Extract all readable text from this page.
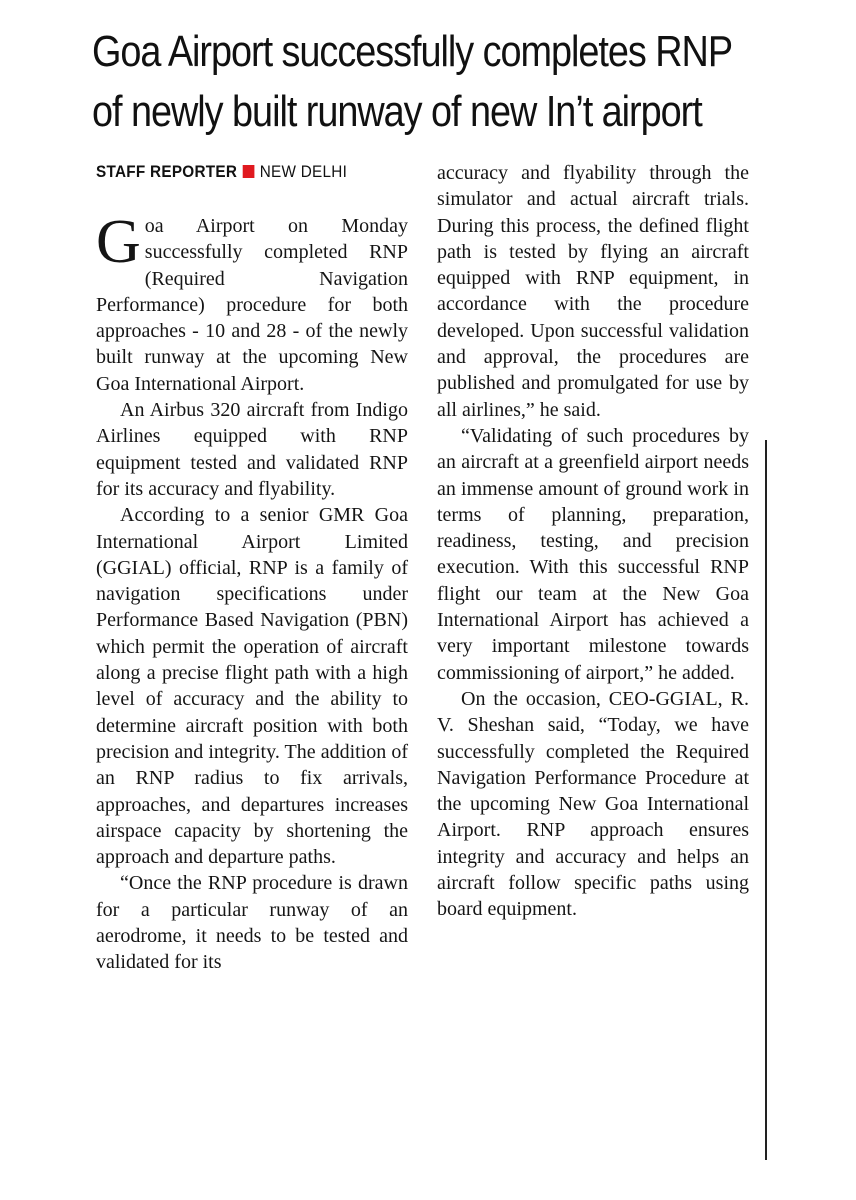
Goa Airport successfully completes RNP
of newly built runway of new In’t airport
STAFF REPORTER NEW DELHI

Goa Airport on Monday successfully completed RNP (Required Navigation Performance) procedure for both approaches - 10 and 28 - of the newly built runway at the upcoming New Goa International Airport.

An Airbus 320 aircraft from Indigo Airlines equipped with RNP equipment tested and validated RNP for its accuracy and flyability.

According to a senior GMR Goa International Airport Limited (GGIAL) official, RNP is a family of navigation specifications under Performance Based Navigation (PBN) which permit the operation of aircraft along a precise flight path with a high level of accuracy and the ability to determine aircraft position with both precision and integrity. The addition of an RNP radius to fix arrivals, approaches, and departures increases airspace capacity by shortening the approach and departure paths.

“Once the RNP procedure is drawn for a particular runway of an aerodrome, it needs to be tested and validated for its

accuracy and flyability through the simulator and actual aircraft trials. During this process, the defined flight path is tested by flying an aircraft equipped with RNP equipment, in accordance with the procedure developed. Upon successful validation and approval, the procedures are published and promulgated for use by all airlines,” he said.

“Validating of such procedures by an aircraft at a greenfield airport needs an immense amount of ground work in terms of planning, preparation, readiness, testing, and precision execution. With this successful RNP flight our team at the New Goa International Airport has achieved a very important milestone towards commissioning of airport,” he added.

On the occasion, CEO-GGIAL, R. V. Sheshan said, “Today, we have successfully completed the Required Navigation Performance Procedure at the upcoming New Goa International Airport. RNP approach ensures integrity and accuracy and helps an aircraft follow specific paths using board equipment.
